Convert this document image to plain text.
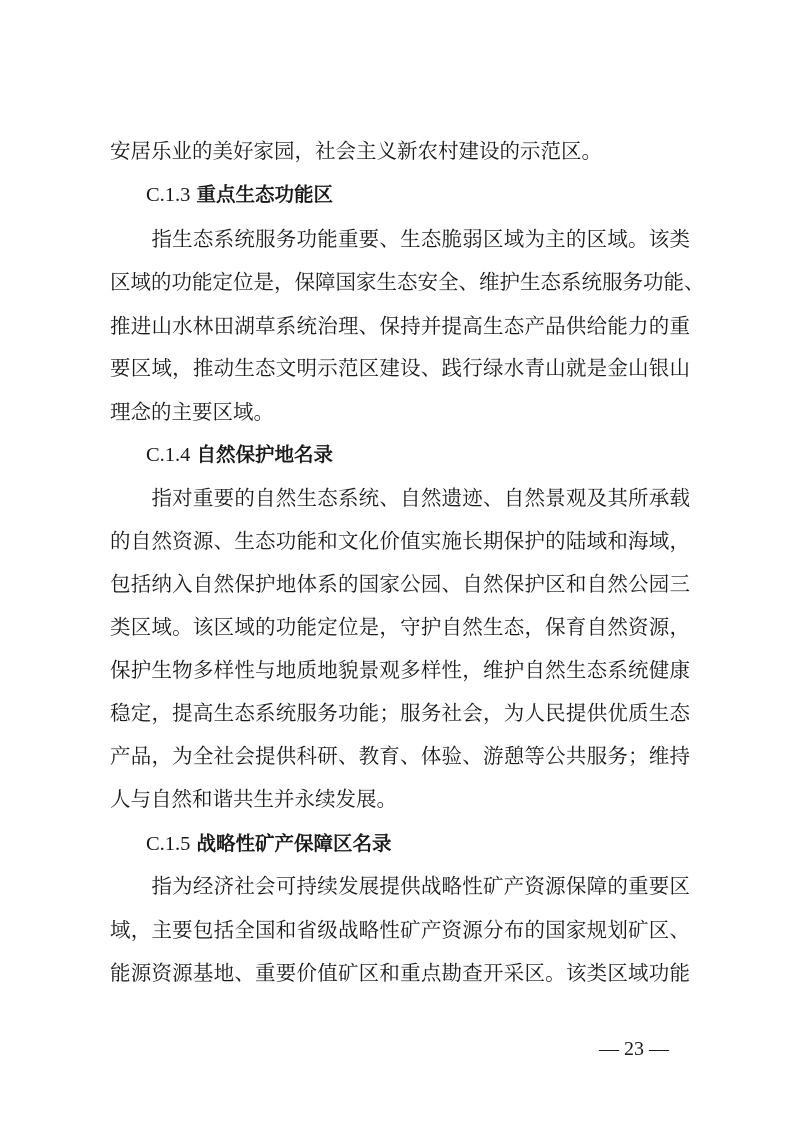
安居乐业的美好家园，社会主义新农村建设的示范区。
C.1.3 重点生态功能区
　　指生态系统服务功能重要、生态脆弱区域为主的区域。该类
区域的功能定位是，保障国家生态安全、维护生态系统服务功能、
推进山水林田湖草系统治理、保持并提高生态产品供给能力的重
要区域，推动生态文明示范区建设、践行绿水青山就是金山银山
理念的主要区域。
C.1.4 自然保护地名录
　　指对重要的自然生态系统、自然遗迹、自然景观及其所承载
的自然资源、生态功能和文化价值实施长期保护的陆域和海域，
包括纳入自然保护地体系的国家公园、自然保护区和自然公园三
类区域。该区域的功能定位是，守护自然生态，保育自然资源，
保护生物多样性与地质地貌景观多样性，维护自然生态系统健康
稳定，提高生态系统服务功能；服务社会，为人民提供优质生态
产品，为全社会提供科研、教育、体验、游憩等公共服务；维持
人与自然和谐共生并永续发展。
C.1.5 战略性矿产保障区名录
　　指为经济社会可持续发展提供战略性矿产资源保障的重要区
域，主要包括全国和省级战略性矿产资源分布的国家规划矿区、
能源资源基地、重要价值矿区和重点勘查开采区。该类区域功能
— 23 —
